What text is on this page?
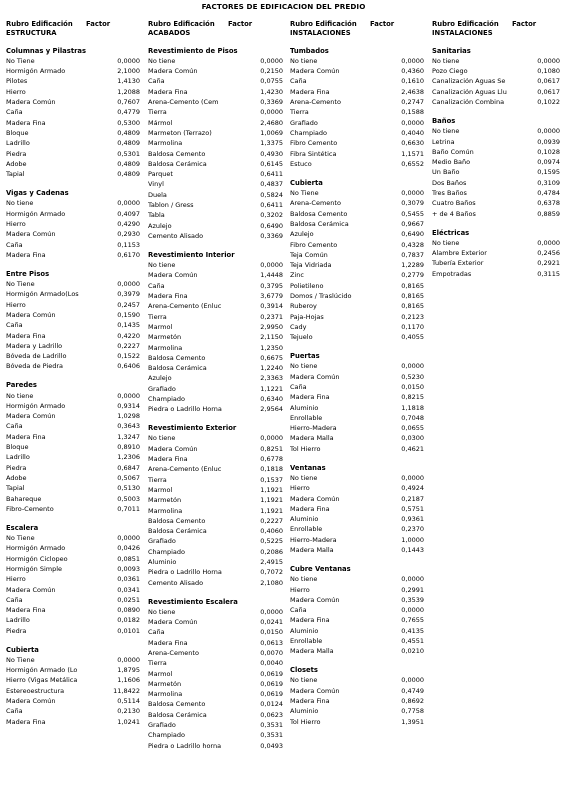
FACTORES DE EDIFICACION DEL PREDIO
Rubro Edificación
ESTRUCTURA
Factor
Columnas y Pilastras
No Tiene	0,0000
Hormigón Armado	2,1000
Pilotes	1,4130
Hierro	1,2088
Madera Común	0,7607
Caña	0,4779
Madera Fina	0,5300
Bloque	0,4809
Ladrillo	0,4809
Piedra	0,5301
Adobe	0,4809
Tapial	0,4809
Vigas y Cadenas
No tiene	0,0000
Hormigón Armado	0,4097
Hierro	0,4290
Madera Común	0,2930
Caña	0,1153
Madera Fina	0,6170
Entre Pisos
No Tiene	0,0000
Hormigón Armado(Los	0,3979
Hierro	0,2457
Madera Común	0,1590
Caña	0,1435
Madera Fina	0,4220
Madera y Ladrillo	0,2227
Bóveda de Ladrillo	0,1522
Bóveda de Piedra	0,6406
Paredes
No tiene	0,0000
Hormigón Armado	0,9314
Madera Común	1,0298
Caña	0,3643
Madera Fina	1,3247
Bloque	0,8910
Ladrillo	1,2306
Piedra	0,6847
Adobe	0,5067
Tapial	0,5130
Bahareque	0,5003
Fibro-Cemento	0,7011
Escalera
No Tiene	0,0000
Hormigón Armado	0,0426
Hormigón Ciclopeo	0,0851
Hormigón Simple	0,0093
Hierro	0,0361
Madera Común	0,0341
Caña	0,0251
Madera Fina	0,0890
Ladrillo	0,0182
Piedra	0,0101
Cubierta
No Tiene	0,0000
Hormigón Armado (Lo	1,8795
Hierro (Vigas Metálica	1,1606
Estereoestructura	11,8422
Madera Común	0,5114
Caña	0,2130
Madera Fina	1,0241
Rubro Edificación
ACABADOS
Factor
Revestimiento de Pisos
No tiene	0,0000
Madera Común	0,2150
Caña	0,0755
Madera Fina	1,4230
Arena-Cemento (Cem	0,3369
Tierra	0,0000
Mármol	2,4680
Marmeton (Terrazo)	1,0069
Marmolina	1,3375
Baldosa Cemento	0,4930
Baldosa Cerámica	0,6145
Parquet	0,6411
Vinyl	0,4837
Duela	0,5824
Tablon / Gress	0,6411
Tabla	0,3202
Azulejo	0,6490
Cemento Alisado	0,3369
Revestimiento Interior
No tiene	0,0000
Madera Común	1,4448
Caña	0,3795
Madera Fina	3,6779
Arena-Cemento (Enluc	0,3914
Tierra	0,2371
Marmol	2,9950
Marmetón	2,1150
Marmolina	1,2350
Baldosa Cemento	0,6675
Baldosa Cerámica	1,2240
Azulejo	2,3363
Grafiado	1,1221
Champiado	0,6340
Piedra o Ladrillo Horna	2,9564
Revestimiento Exterior
No tiene	0,0000
Madera Común	0,8251
Madera Fina	0,6778
Arena-Cemento (Enluc	0,1818
Tierra	0,1537
Marmol	1,1921
Marmetón	1,1921
Marmolina	1,1921
Baldosa Cemento	0,2227
Baldosa Cerámica	0,4060
Grafiado	0,5225
Champiado	0,2086
Aluminio	2,4915
Piedra o Ladrillo Horna	0,7072
Cemento Alisado	2,1080
Revestimiento Escalera
No tiene	0,0000
Madera Común	0,0241
Caña	0,0150
Madera Fina	0,0613
Arena-Cemento	0,0070
Tierra	0,0040
Marmol	0,0619
Marmetón	0,0619
Marmolina	0,0619
Baldosa Cemento	0,0124
Baldosa Cerámica	0,0623
Grafiado	0,3531
Champiado	0,3531
Piedra o Ladrillo horna	0,0493
Rubro Edificación
INSTALACIONES
Factor
Tumbados
No tiene	0,0000
Madera Común	0,4360
Caña	0,1610
Madera Fina	2,4638
Arena-Cemento	0,2747
Tierra	0,1588
Grafiado	0,0000
Champiado	0,4040
Fibro Cemento	0,6630
Fibra Sintética	1,1571
Estuco	0,6552
Cubierta
No Tiene	0,0000
Arena-Cemento	0,3079
Baldosa Cemento	0,5455
Baldosa Cerámica	0,9667
Azulejo	0,6490
Fibro Cemento	0,4328
Teja Común	0,7837
Teja Vidriada	1,2289
Zinc	0,2779
Polietileno	0,8165
Domos / Traslúcido	0,8165
Ruberoy	0,8165
Paja-Hojas	0,2123
Cady	0,1170
Tejuelo	0,4055
Puertas
No tiene	0,0000
Madera Común	0,5230
Caña	0,0150
Madera Fina	0,8215
Aluminio	1,1818
Enrollable	0,7048
Hierro-Madera	0,0655
Madera Malla	0,0300
Tol Hierro	0,4621
Ventanas
No tiene	0,0000
Hierro	0,4924
Madera Común	0,2187
Madera Fina	0,5751
Aluminio	0,9361
Enrollable	0,2370
Hierro-Madera	1,0000
Madera Malla	0,1443
Cubre Ventanas
No tiene	0,0000
Hierro	0,2991
Madera Común	0,3539
Caña	0,0000
Madera Fina	0,7655
Aluminio	0,4135
Enrollable	0,4551
Madera Malla	0,0210
Closets
No tiene	0,0000
Madera Común	0,4749
Madera Fina	0,8692
Aluminio	0,7758
Tol Hierro	1,3951
Rubro Edificación
INSTALACIONES
Factor
Sanitarias
No tiene	0,0000
Pozo Ciego	0,1080
Canalización Aguas Se	0,0617
Canalización Aguas Llu	0,0617
Canalización Combina	0,1022
Baños
No tiene	0,0000
Letrina	0,0939
Baño Común	0,1028
Medio Baño	0,0974
Un Baño	0,1595
Dos Baños	0,3109
Tres Baños	0,4784
Cuatro Baños	0,6378
+ de 4 Baños	0,8859
Eléctricas
No tiene	0,0000
Alambre Exterior	0,2456
Tubería Exterior	0,2921
Empotradas	0,3115
